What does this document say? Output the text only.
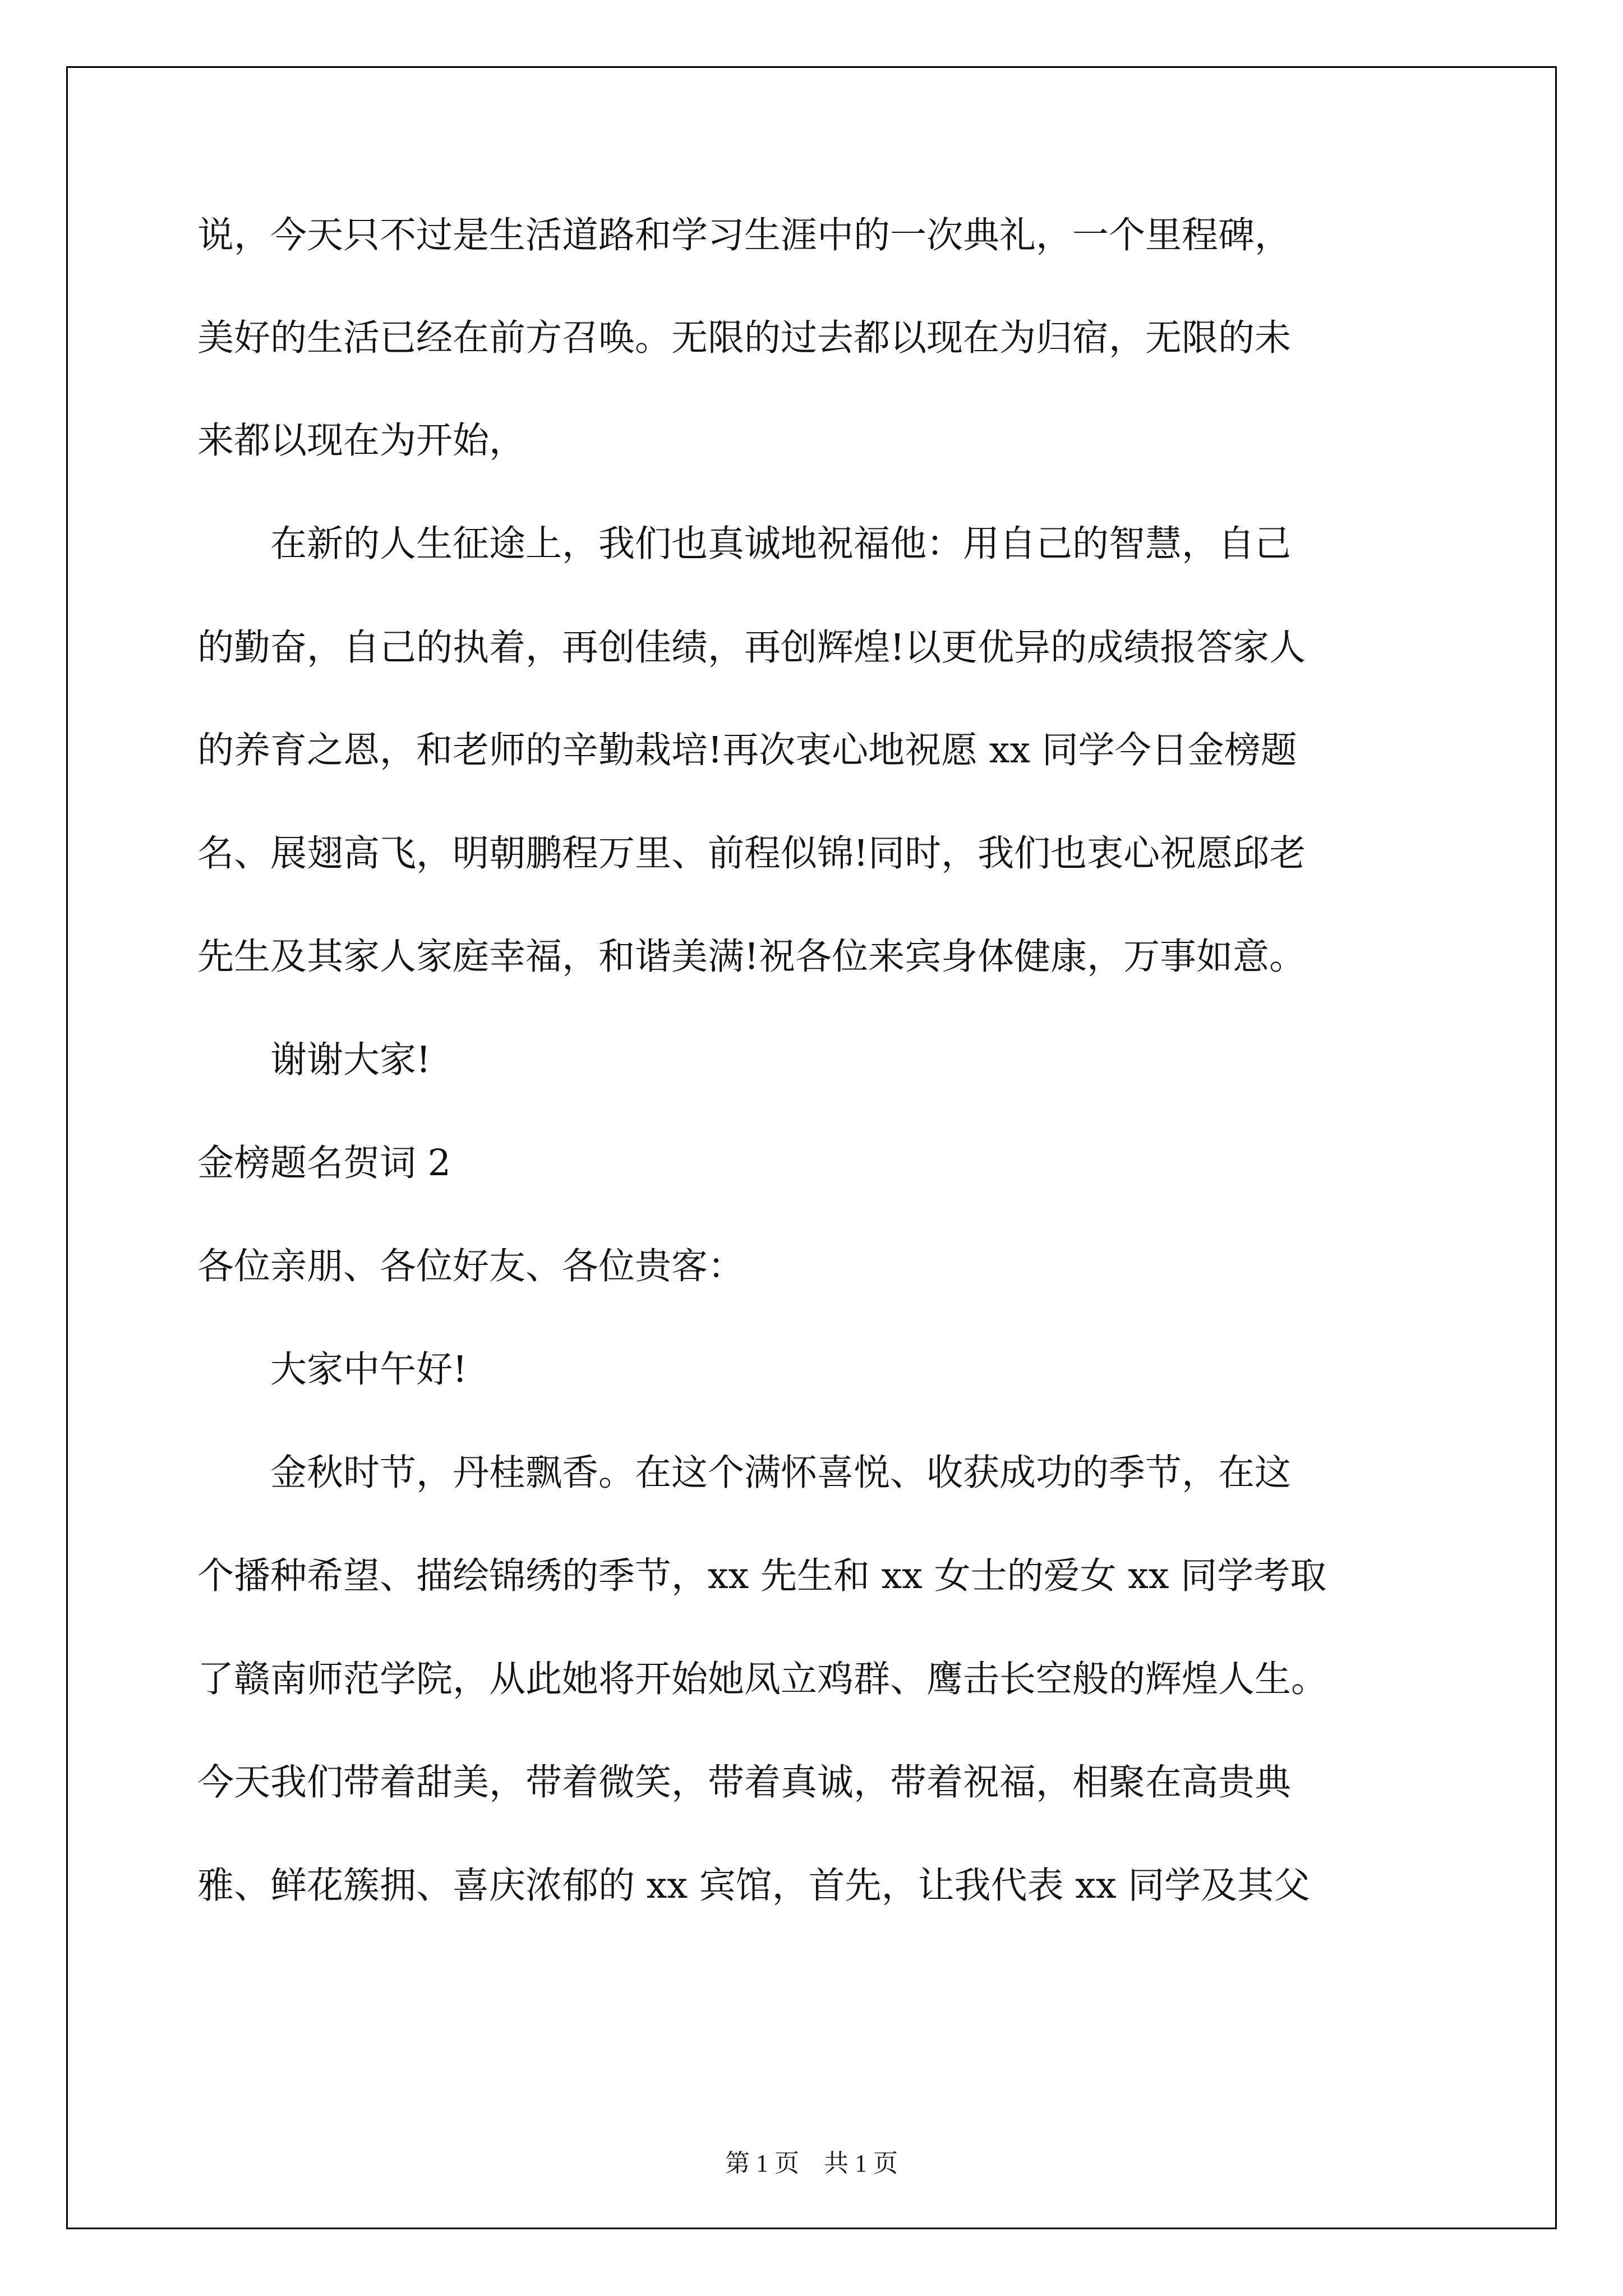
说，今天只不过是生活道路和学习生涯中的一次典礼，一个里程碑，

美好的生活已经在前方召唤。无限的过去都以现在为归宿，无限的未

来都以现在为开始，

　　在新的人生征途上，我们也真诚地祝福他：用自己的智慧，自己

的勤奋，自己的执着，再创佳绩，再创辉煌!以更优异的成绩报答家人

的养育之恩，和老师的辛勤栽培!再次衷心地祝愿 xx 同学今日金榜题

名、展翅高飞，明朝鹏程万里、前程似锦!同时，我们也衷心祝愿邱老

先生及其家人家庭幸福，和谐美满!祝各位来宾身体健康，万事如意。

　　谢谢大家!

金榜题名贺词 2

各位亲朋、各位好友、各位贵客：

　　大家中午好!

　　金秋时节，丹桂飘香。在这个满怀喜悦、收获成功的季节，在这

个播种希望、描绘锦绣的季节，xx 先生和 xx 女士的爱女 xx 同学考取

了赣南师范学院，从此她将开始她凤立鸡群、鹰击长空般的辉煌人生。

今天我们带着甜美，带着微笑，带着真诚，带着祝福，相聚在高贵典

雅、鲜花簇拥、喜庆浓郁的 xx 宾馆，首先，让我代表 xx 同学及其父

第 1 页　共 1 页
